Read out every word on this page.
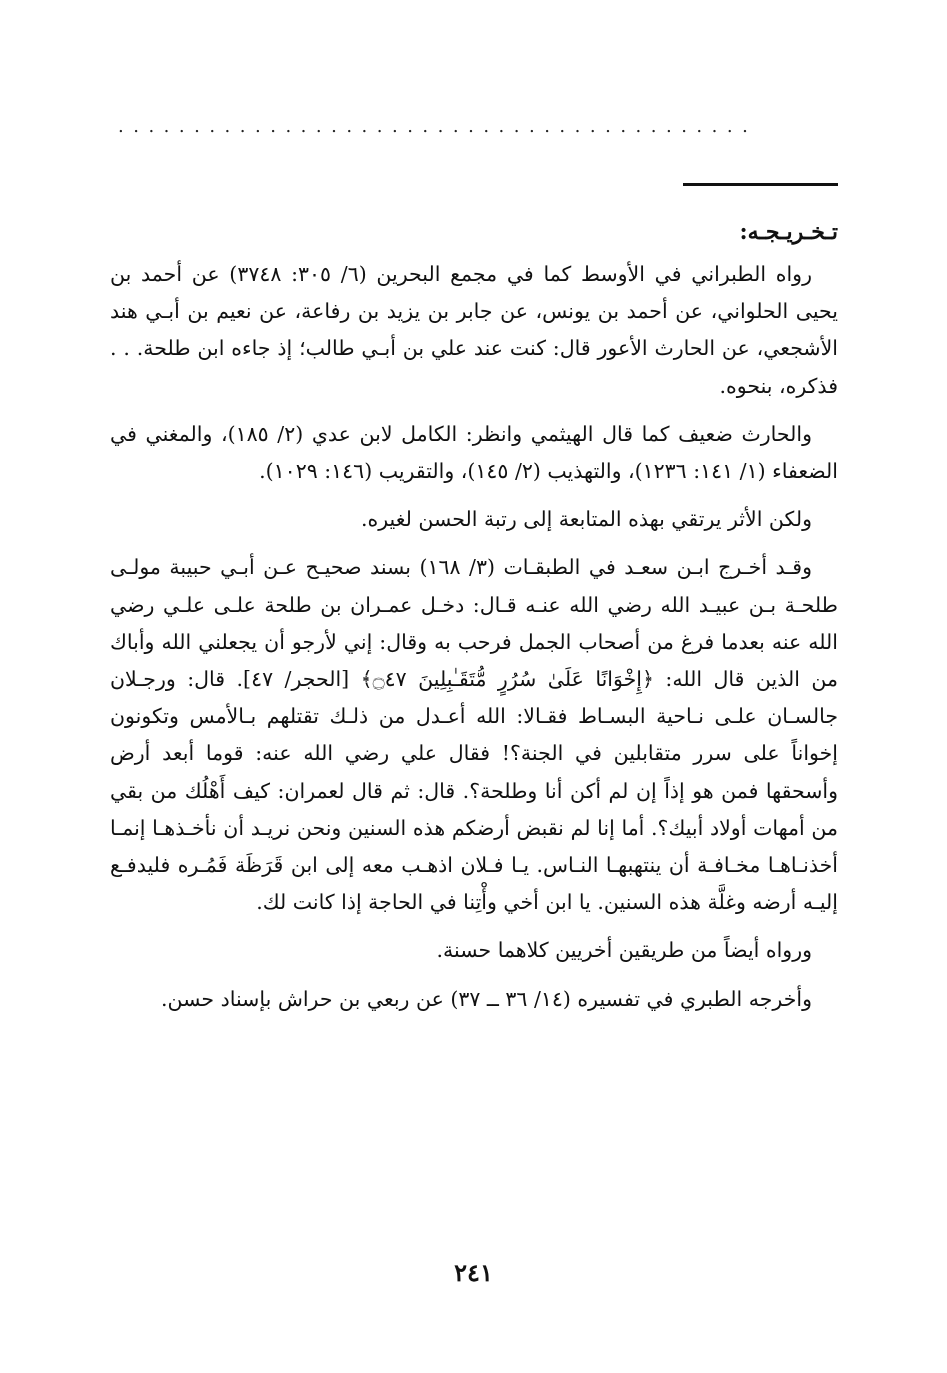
..........................................
تـخـريـجـه:

رواه الطبراني في الأوسط كما في مجمع البحرين (٦/ ٣٠٥: ٣٧٤٨) عن أحمد بن يحيى الحلواني، عن أحمد بن يونس، عن جابر بن يزيد بن رفاعة، عن نعيم بن أبـي هند الأشجعي، عن الحارث الأعور قال: كنت عند علي بن أبـي طالب؛ إذ جاءه ابن طلحة. . . فذكره، بنحوه.

والحارث ضعيف كما قال الهيثمي وانظر: الكامل لابن عدي (٢/ ١٨٥)، والمغني في الضعفاء (١/ ١٤١: ١٢٣٦)، والتهذيب (٢/ ١٤٥)، والتقريب (١٤٦: ١٠٢٩).

ولكن الأثر يرتقي بهذه المتابعة إلى رتبة الحسن لغيره.

وقـد أخـرج ابـن سعـد في الطبقـات (٣/ ١٦٨) بسند صحيـح عـن أبـي حبيبة مولـى طلحـة بـن عبيـد الله رضي الله عنـه قـال: دخـل عمـران بن طلحة علـى علـي رضي الله عنه بعدما فرغ من أصحاب الجمل فرحب به وقال: إني لأرجو أن يجعلني الله وأباك من الذين قال الله: ﴿إِخْوَانًا عَلَىٰ سُرُرٍ مُّتَقَـٰبِلِينَ ۝٤٧﴾ [الحجر/ ٤٧]. قال: ورجـلان جالسـان علـى نـاحية البسـاط فقـالا: الله أعـدل من ذلـك تقتلهم بـالأمس وتكونون إخواناً على سرر متقابلين في الجنة؟! فقال علي رضي الله عنه: قوما أبعد أرض وأسحقها فمن هو إذاً إن لم أكن أنا وطلحة؟. قال: ثم قال لعمران: كيف أَهْلُك من بقي من أمهات أولاد أبيك؟. أما إنا لم نقبض أرضكم هذه السنين ونحن نريـد أن نأخـذهـا إنمـا أخذنـاهـا مخـافـة أن ينتهبهـا النـاس. يـا فـلان اذهـب معه إلى ابن قَرَظَة فَمُـره فليدفـع إليـه أرضه وغلَّة هذه السنين. يا ابن أخي وأْتِنا في الحاجة إذا كانت لك.

ورواه أيضاً من طريقين أخريين كلاهما حسنة.

وأخرجه الطبري في تفسيره (١٤/ ٣٦ ــ ٣٧) عن ربعي بن حراش بإسناد حسن.

٢٤١
